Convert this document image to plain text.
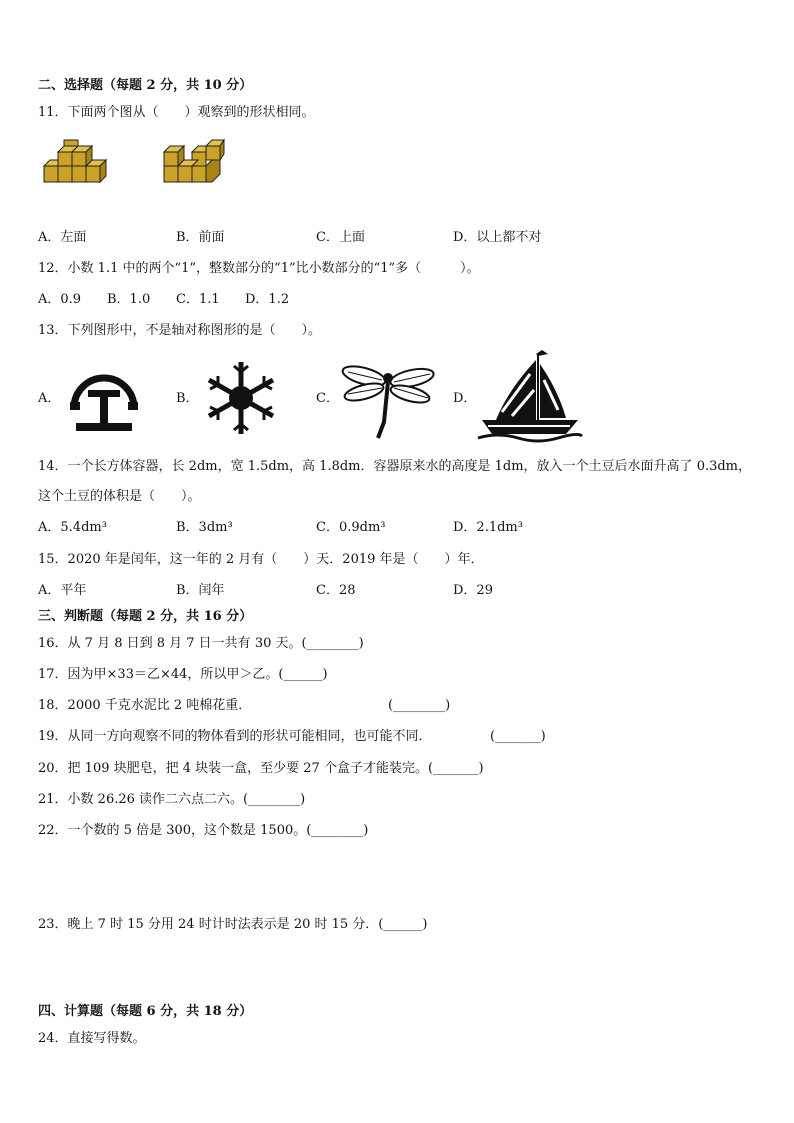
二、选择题（每题 2 分，共 10 分）
11．下面两个图从（　　）观察到的形状相同。
A．左面	B．前面	C．上面	D．以上都不对
12．小数 1.1 中的两个“1”，整数部分的“1”比小数部分的“1”多（　　　）。
A．0.9 B．1.0 C．1.1 D．1.2
13．下列图形中，不是轴对称图形的是（　　）。
A．	B．	C．	D．
14．一个长方体容器，长 2dm，宽 1.5dm，高 1.8dm．容器原来水的高度是 1dm，放入一个土豆后水面升高了 0.3dm，
这个土豆的体积是（　　）。
A．5.4dm³	B．3dm³	C．0.9dm³	D．2.1dm³
15．2020 年是闰年，这一年的 2 月有（　　）天．2019 年是（　　）年．
A．平年	B．闰年	C．28	D．29
三、判断题（每题 2 分，共 16 分）
16．从 7 月 8 日到 8 月 7 日一共有 30 天。(________)
17．因为甲×33＝乙×44，所以甲＞乙。(______)
18．2000 千克水泥比 2 吨棉花重．	(________)
19．从同一方向观察不同的物体看到的形状可能相同，也可能不同．	(_______)
20．把 109 块肥皂，把 4 块装一盒，至少要 27 个盒子才能装完。(_______)
21．小数 26.26 读作二六点二六。(________)
22．一个数的 5 倍是 300，这个数是 1500。(________)
23．晚上 7 时 15 分用 24 时计时法表示是 20 时 15 分．(______)
四、计算题（每题 6 分，共 18 分）
24．直接写得数。
